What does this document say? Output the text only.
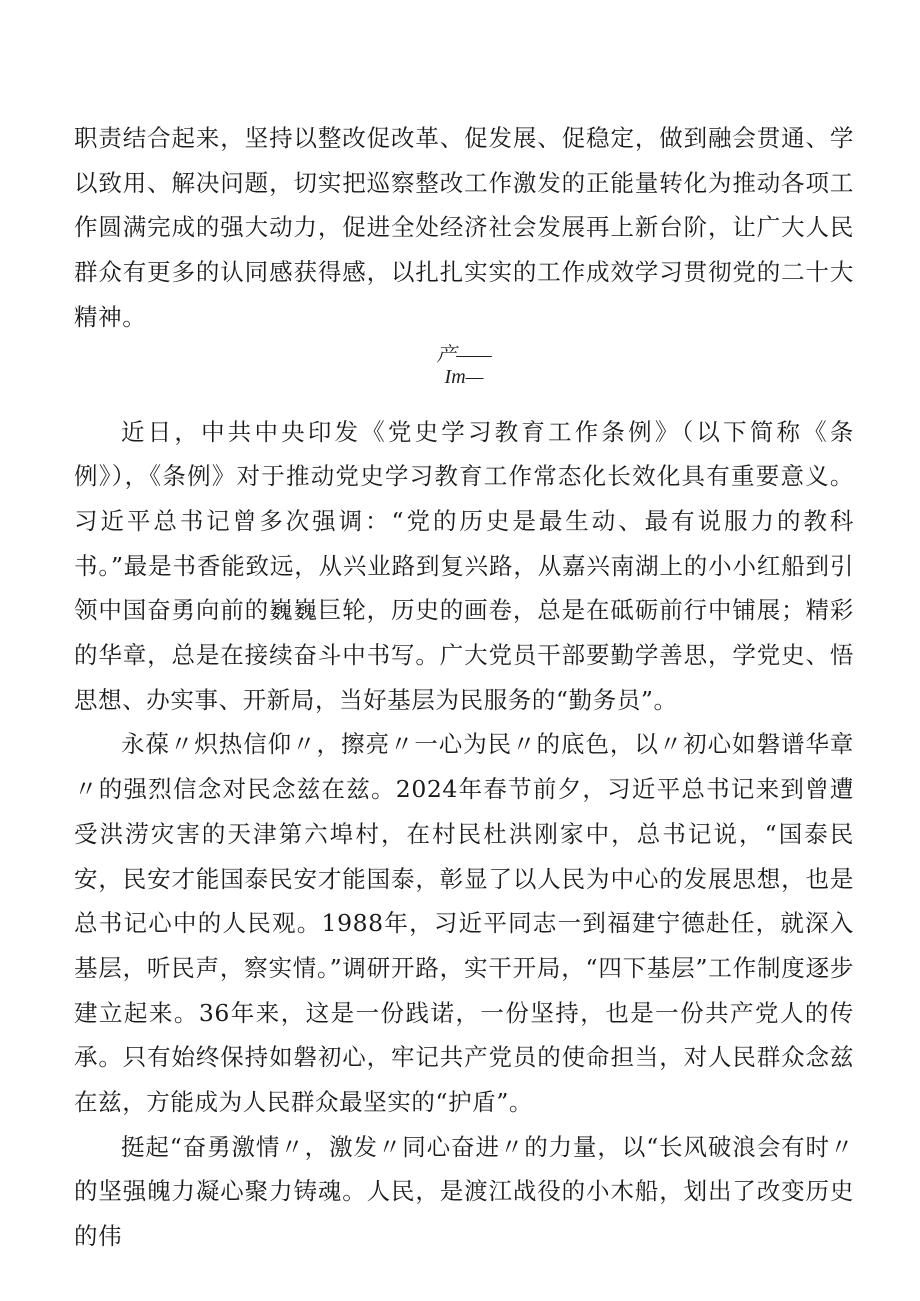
职责结合起来，坚持以整改促改革、促发展、促稳定，做到融会贯通、学以致用、解决问题，切实把巡察整改工作激发的正能量转化为推动各项工作圆满完成的强大动力，促进全处经济社会发展再上新台阶，让广大人民群众有更多的认同感获得感，以扎扎实实的工作成效学习贯彻党的二十大精神。

产——
Im—

近日，中共中央印发《党史学习教育工作条例》（以下简称《条例》），《条例》对于推动党史学习教育工作常态化长效化具有重要意义。习近平总书记曾多次强调：“党的历史是最生动、最有说服力的教科书。”最是书香能致远，从兴业路到复兴路，从嘉兴南湖上的小小红船到引领中国奋勇向前的巍巍巨轮，历史的画卷，总是在砥砺前行中铺展；精彩的华章，总是在接续奋斗中书写。广大党员干部要勤学善思，学党史、悟思想、办实事、开新局，当好基层为民服务的“勤务员”。

永葆〃炽热信仰〃，擦亮〃一心为民〃的底色，以〃初心如磐谱华章〃的强烈信念对民念兹在兹。2024年春节前夕，习近平总书记来到曾遭受洪涝灾害的天津第六埠村，在村民杜洪刚家中，总书记说，“国泰民安，民安才能国泰民安才能国泰，彰显了以人民为中心的发展思想，也是总书记心中的人民观。1988年，习近平同志一到福建宁德赴任，就深入基层，听民声，察实情。”调研开路，实干开局，“四下基层”工作制度逐步建立起来。36年来，这是一份践诺，一份坚持，也是一份共产党人的传承。只有始终保持如磐初心，牢记共产党员的使命担当，对人民群众念兹在兹，方能成为人民群众最坚实的“护盾”。

挺起“奋勇激情〃，激发〃同心奋进〃的力量，以“长风破浪会有时〃的坚强魄力凝心聚力铸魂。人民，是渡江战役的小木船，划出了改变历史的伟
